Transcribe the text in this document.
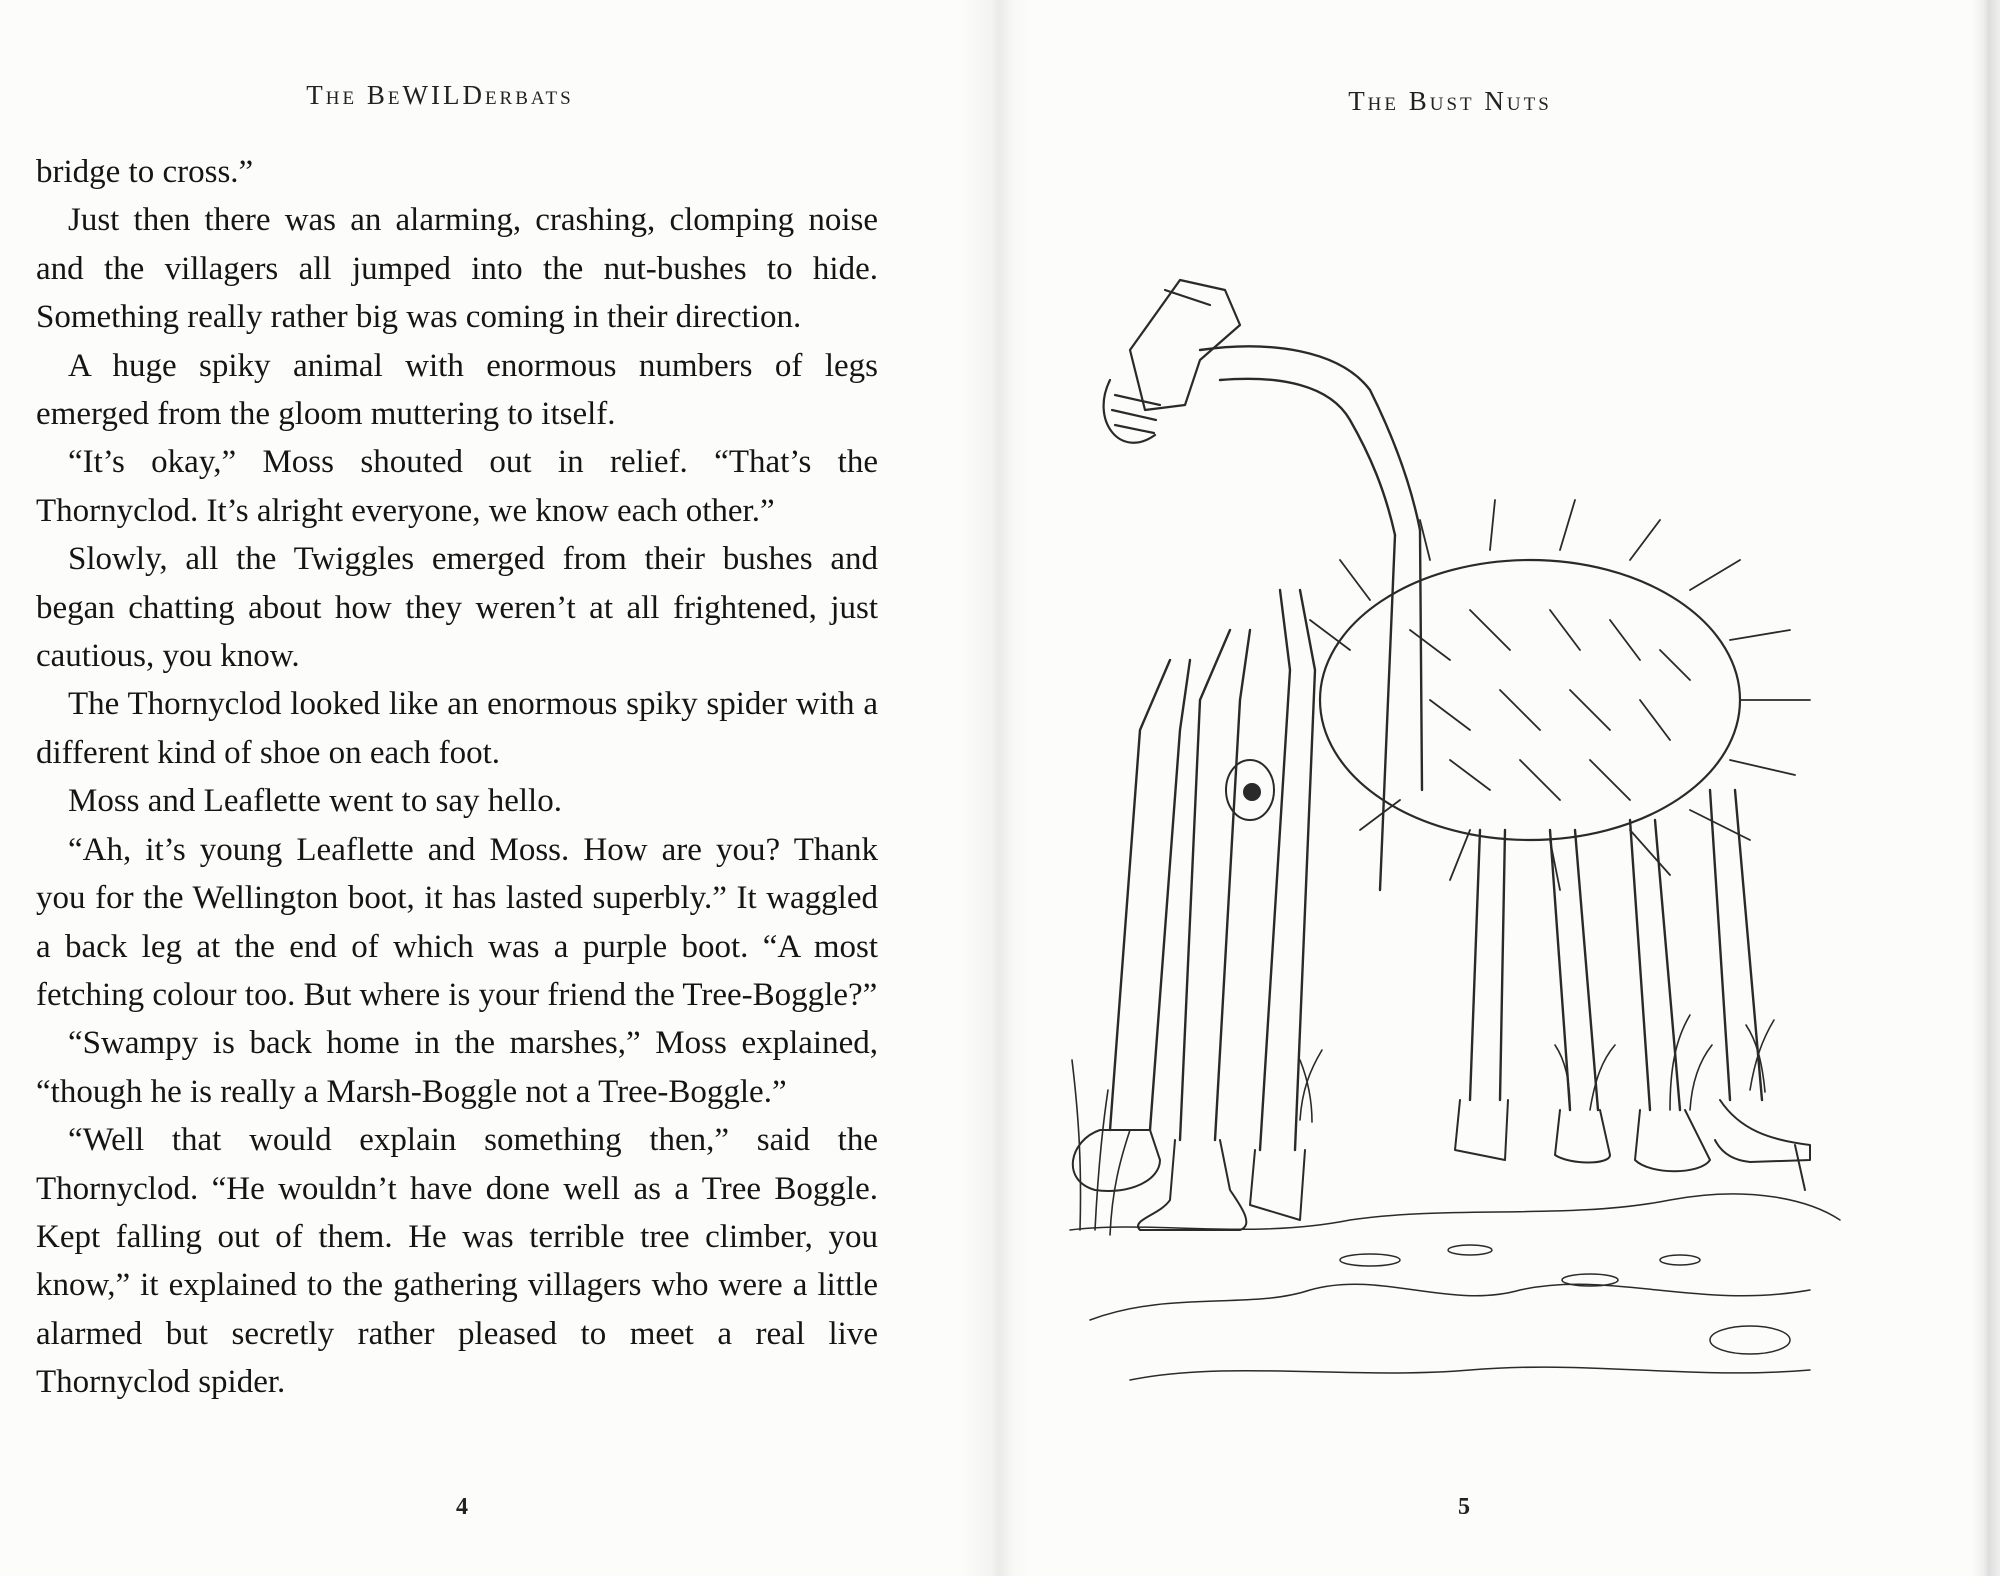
The BeWILDerbats

bridge to cross.”

Just then there was an alarming, crashing, clomping noise and the villagers all jumped into the nut-bushes to hide. Something really rather big was coming in their direction.

A huge spiky animal with enormous numbers of legs emerged from the gloom muttering to itself.

“It’s okay,” Moss shouted out in relief. “That’s the Thornyclod. It’s alright everyone, we know each other.”

Slowly, all the Twiggles emerged from their bushes and began chatting about how they weren’t at all frightened, just cautious, you know.

The Thornyclod looked like an enormous spiky spider with a different kind of shoe on each foot.

Moss and Leaflette went to say hello.

“Ah, it’s young Leaflette and Moss. How are you? Thank you for the Wellington boot, it has lasted superbly.” It waggled a back leg at the end of which was a purple boot. “A most fetching colour too. But where is your friend the Tree-Boggle?”

“Swampy is back home in the marshes,” Moss explained, “though he is really a Marsh-Boggle not a Tree-Boggle.”

“Well that would explain something then,” said the Thornyclod. “He wouldn’t have done well as a Tree Boggle. Kept falling out of them. He was terrible tree climber, you know,” it explained to the gathering villagers who were a little alarmed but secretly rather pleased to meet a real live Thornyclod spider.

4
The Bust Nuts
5
